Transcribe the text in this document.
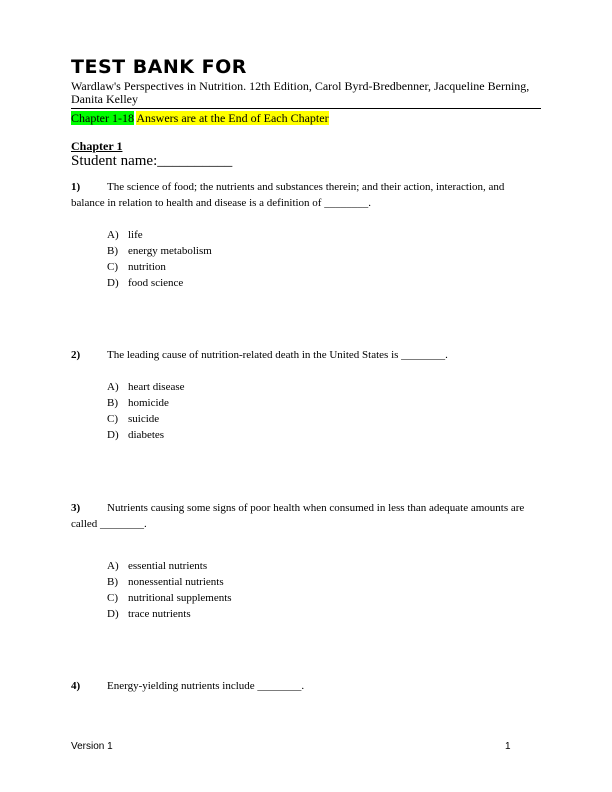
TEST BANK FOR
Wardlaw's Perspectives in Nutrition. 12th Edition, Carol Byrd-Bredbenner, Jacqueline Berning, Danita Kelley
Chapter 1-18 Answers are at the End of Each Chapter
Chapter 1
Student name:__________
1) The science of food; the nutrients and substances therein; and their action, interaction, and balance in relation to health and disease is a definition of ________.
A) life
B) energy metabolism
C) nutrition
D) food science
2) The leading cause of nutrition-related death in the United States is ________.
A) heart disease
B) homicide
C) suicide
D) diabetes
3) Nutrients causing some signs of poor health when consumed in less than adequate amounts are called ________.
A) essential nutrients
B) nonessential nutrients
C) nutritional supplements
D) trace nutrients
4) Energy-yielding nutrients include ________.
Version 1	1
